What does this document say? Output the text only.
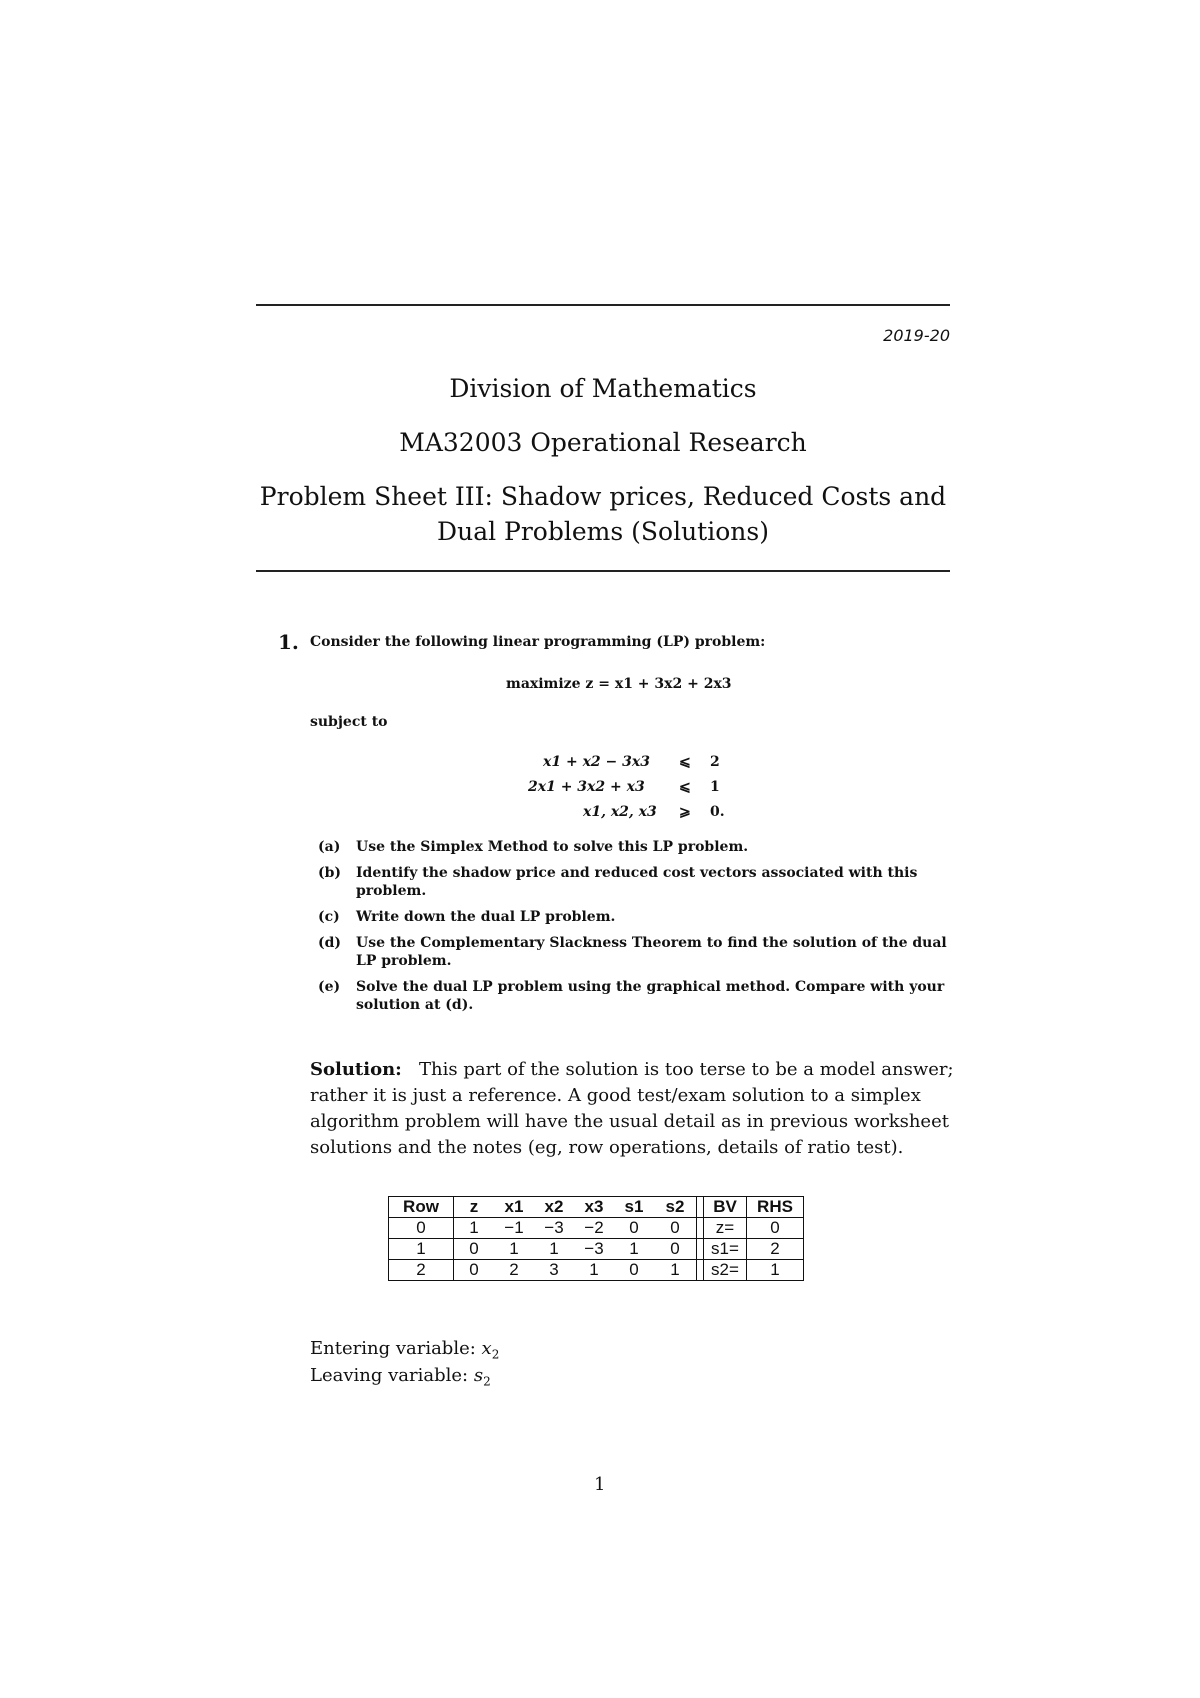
2019-20
Division of Mathematics
MA32003 Operational Research
Problem Sheet III: Shadow prices, Reduced Costs and
Dual Problems (Solutions)
1. Consider the following linear programming (LP) problem:
maximize z = x1 + 3x2 + 2x3
subject to
x1 + x2 − 3x3 ⩽ 2
2x1 + 3x2 + x3 ⩽ 1
x1, x2, x3 ⩾ 0.
(a) Use the Simplex Method to solve this LP problem.
(b) Identify the shadow price and reduced cost vectors associated with this problem.
(c) Write down the dual LP problem.
(d) Use the Complementary Slackness Theorem to find the solution of the dual LP problem.
(e) Solve the dual LP problem using the graphical method. Compare with your solution at (d).
Solution: This part of the solution is too terse to be a model answer; rather it is just a reference. A good test/exam solution to a simplex algorithm problem will have the usual detail as in previous worksheet solutions and the notes (eg, row operations, details of ratio test).
Row	z	x1	x2	x3	s1	s2		BV	RHS
0	1	−1	−3	−2	0	0		z=	0
1	0	1	1	−3	1	0		s1=	2
2	0	2	3	1	0	1		s2=	1
Entering variable: $x_2$
Leaving variable: $s_2$
1
